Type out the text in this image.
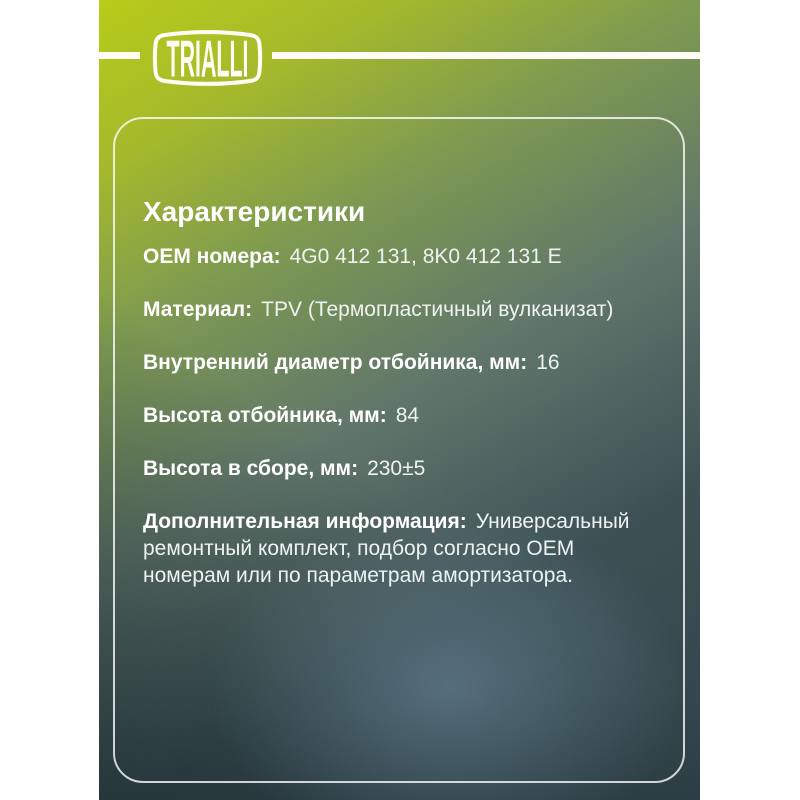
TRIALLI
Характеристики
OEM номера: 4G0 412 131, 8K0 412 131 E
Материал: TPV (Термопластичный вулканизат)
Внутренний диаметр отбойника, мм: 16
Высота отбойника, мм: 84
Высота в сборе, мм: 230±5
Дополнительная информация: Универсальный ремонтный комплект, подбор согласно OEM номерам или по параметрам амортизатора.
